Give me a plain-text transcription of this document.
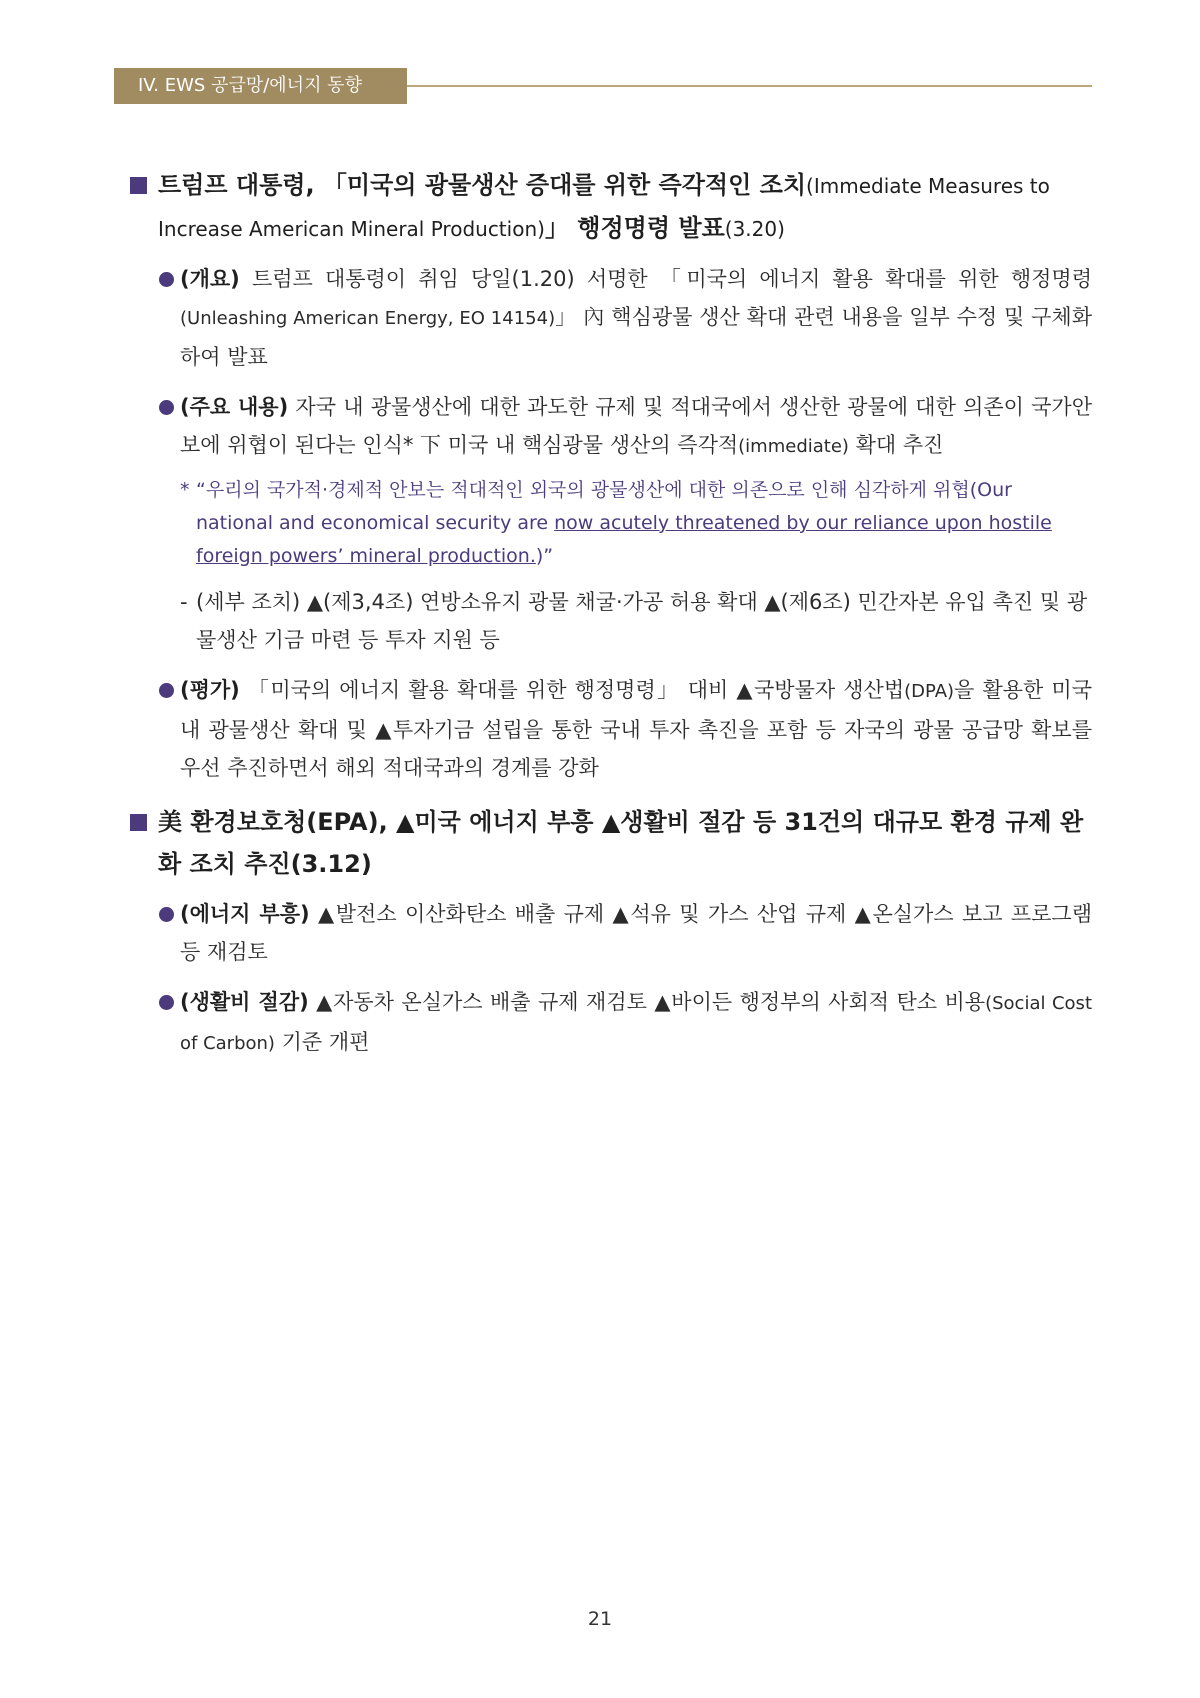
IV. EWS 공급망/에너지 동향
트럼프 대통령, 「미국의 광물생산 증대를 위한 즉각적인 조치(Immediate Measures to Increase American Mineral Production)」 행정명령 발표(3.20)
(개요) 트럼프 대통령이 취임 당일(1.20) 서명한 「미국의 에너지 활용 확대를 위한 행정명령(Unleashing American Energy, EO 14154)」 內 핵심광물 생산 확대 관련 내용을 일부 수정 및 구체화하여 발표
(주요 내용) 자국 내 광물생산에 대한 과도한 규제 및 적대국에서 생산한 광물에 대한 의존이 국가안보에 위협이 된다는 인식* 下 미국 내 핵심광물 생산의 즉각적(immediate) 확대 추진
* “우리의 국가적·경제적 안보는 적대적인 외국의 광물생산에 대한 의존으로 인해 심각하게 위협(Our national and economical security are now acutely threatened by our reliance upon hostile foreign powers’ mineral production.)”
- (세부 조치) ▲(제3,4조) 연방소유지 광물 채굴·가공 허용 확대 ▲(제6조) 민간자본 유입 촉진 및 광물생산 기금 마련 등 투자 지원 등
(평가) 「미국의 에너지 활용 확대를 위한 행정명령」 대비 ▲국방물자 생산법(DPA)을 활용한 미국 내 광물생산 확대 및 ▲투자기금 설립을 통한 국내 투자 촉진을 포함 등 자국의 광물 공급망 확보를 우선 추진하면서 해외 적대국과의 경계를 강화
美 환경보호청(EPA), ▲미국 에너지 부흥 ▲생활비 절감 등 31건의 대규모 환경 규제 완화 조치 추진(3.12)
(에너지 부흥) ▲발전소 이산화탄소 배출 규제 ▲석유 및 가스 산업 규제 ▲온실가스 보고 프로그램 등 재검토
(생활비 절감) ▲자동차 온실가스 배출 규제 재검토 ▲바이든 행정부의 사회적 탄소 비용(Social Cost of Carbon) 기준 개편
21
